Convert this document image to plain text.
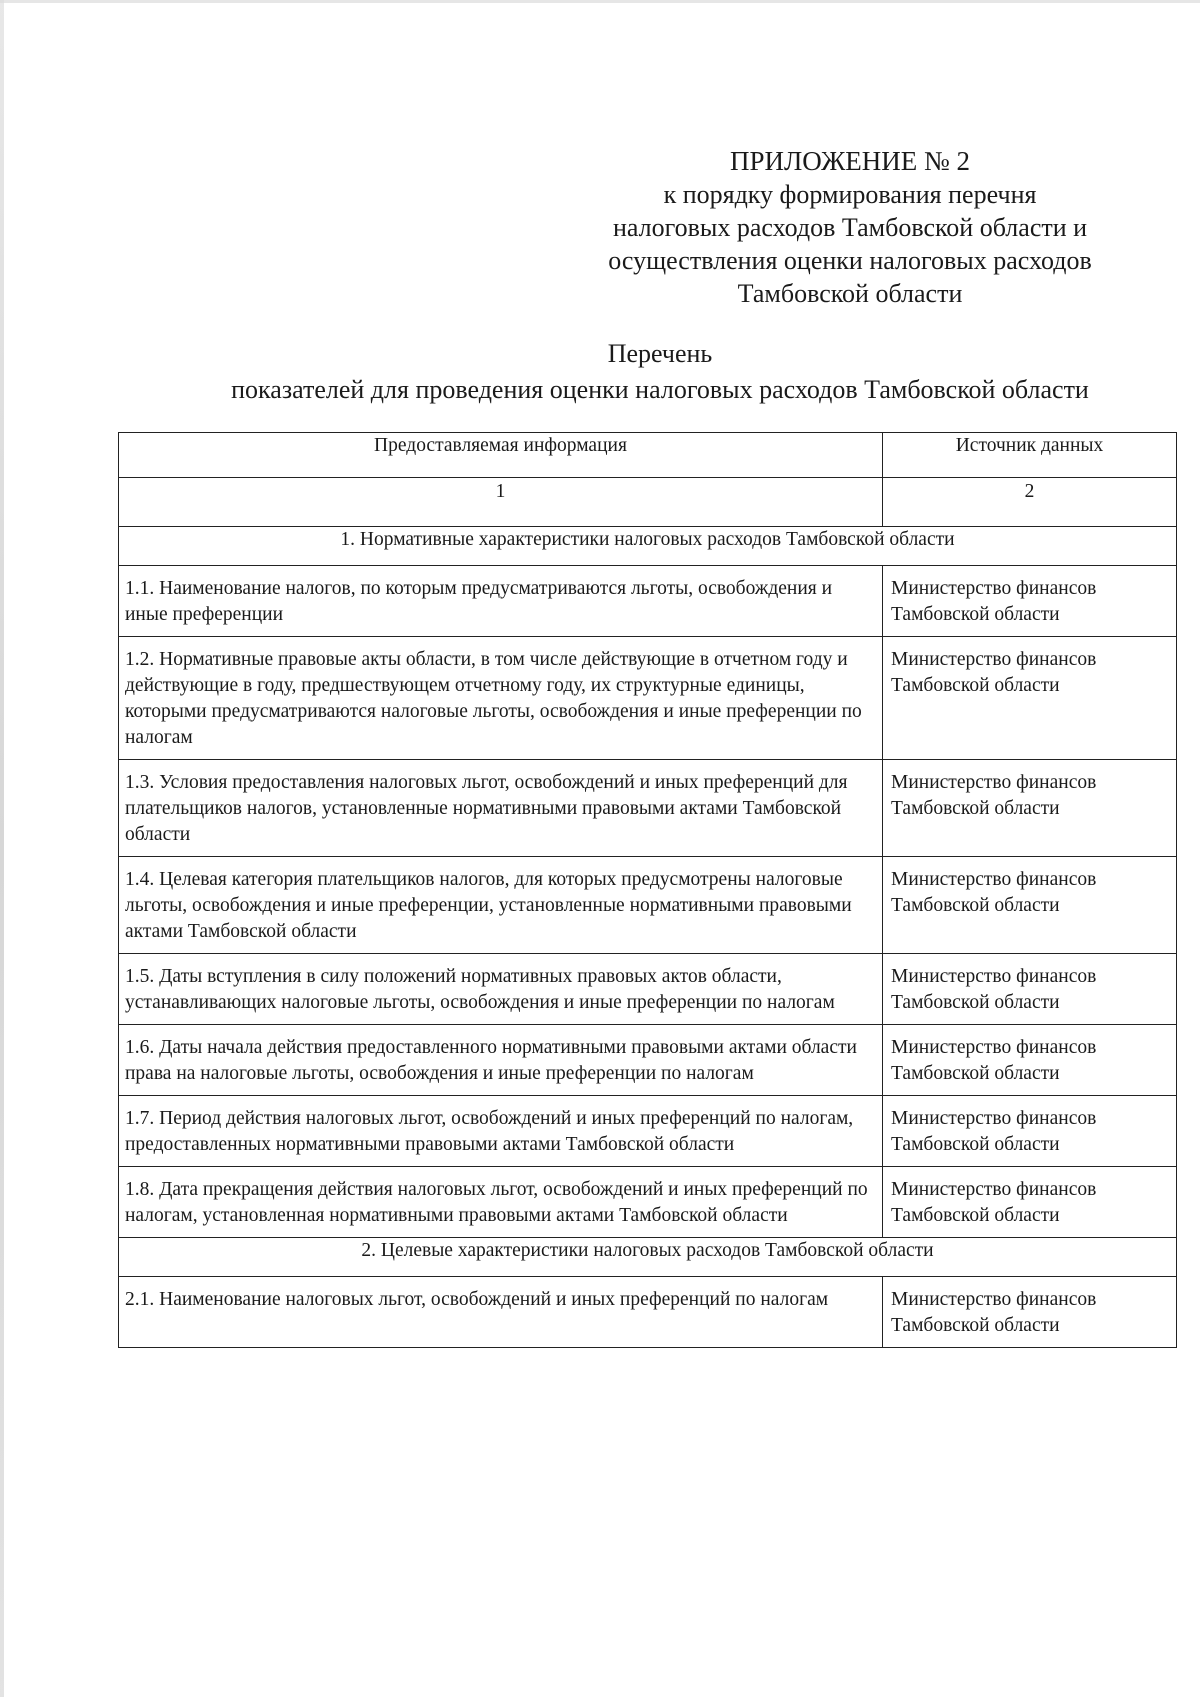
ПРИЛОЖЕНИЕ № 2
к порядку формирования перечня
налоговых расходов Тамбовской области и
осуществления оценки налоговых расходов
Тамбовской области
Перечень
показателей для проведения оценки налоговых расходов Тамбовской области
Предоставляемая информация	Источник данных
1	2
1. Нормативные характеристики налоговых расходов Тамбовской области	
1.1. Наименование налогов, по которым предусматриваются льготы, освобождения и иные преференции	Министерство финансов Тамбовской области
1.2. Нормативные правовые акты области, в том числе действующие в отчетном году и действующие в году, предшествующем отчетному году, их структурные единицы, которыми предусматриваются налоговые льготы, освобождения и иные преференции по налогам	Министерство финансов Тамбовской области
1.3. Условия предоставления налоговых льгот, освобождений и иных преференций для плательщиков налогов, установленные нормативными правовыми актами Тамбовской области	Министерство финансов Тамбовской области
1.4. Целевая категория плательщиков налогов, для которых предусмотрены налоговые льготы, освобождения и иные преференции, установленные нормативными правовыми актами Тамбовской области	Министерство финансов Тамбовской области
1.5. Даты вступления в силу положений нормативных правовых актов области, устанавливающих налоговые льготы, освобождения и иные преференции по налогам	Министерство финансов Тамбовской области
1.6. Даты начала действия предоставленного нормативными правовыми актами области права на налоговые льготы, освобождения и иные преференции по налогам	Министерство финансов Тамбовской области
1.7. Период действия налоговых льгот, освобождений и иных преференций по налогам, предоставленных нормативными правовыми актами Тамбовской области	Министерство финансов Тамбовской области
1.8. Дата прекращения действия налоговых льгот, освобождений и иных преференций по налогам, установленная нормативными правовыми актами Тамбовской области	Министерство финансов Тамбовской области
2. Целевые характеристики налоговых расходов Тамбовской области	
2.1. Наименование налоговых льгот, освобождений и иных преференций по налогам	Министерство финансов Тамбовской области
